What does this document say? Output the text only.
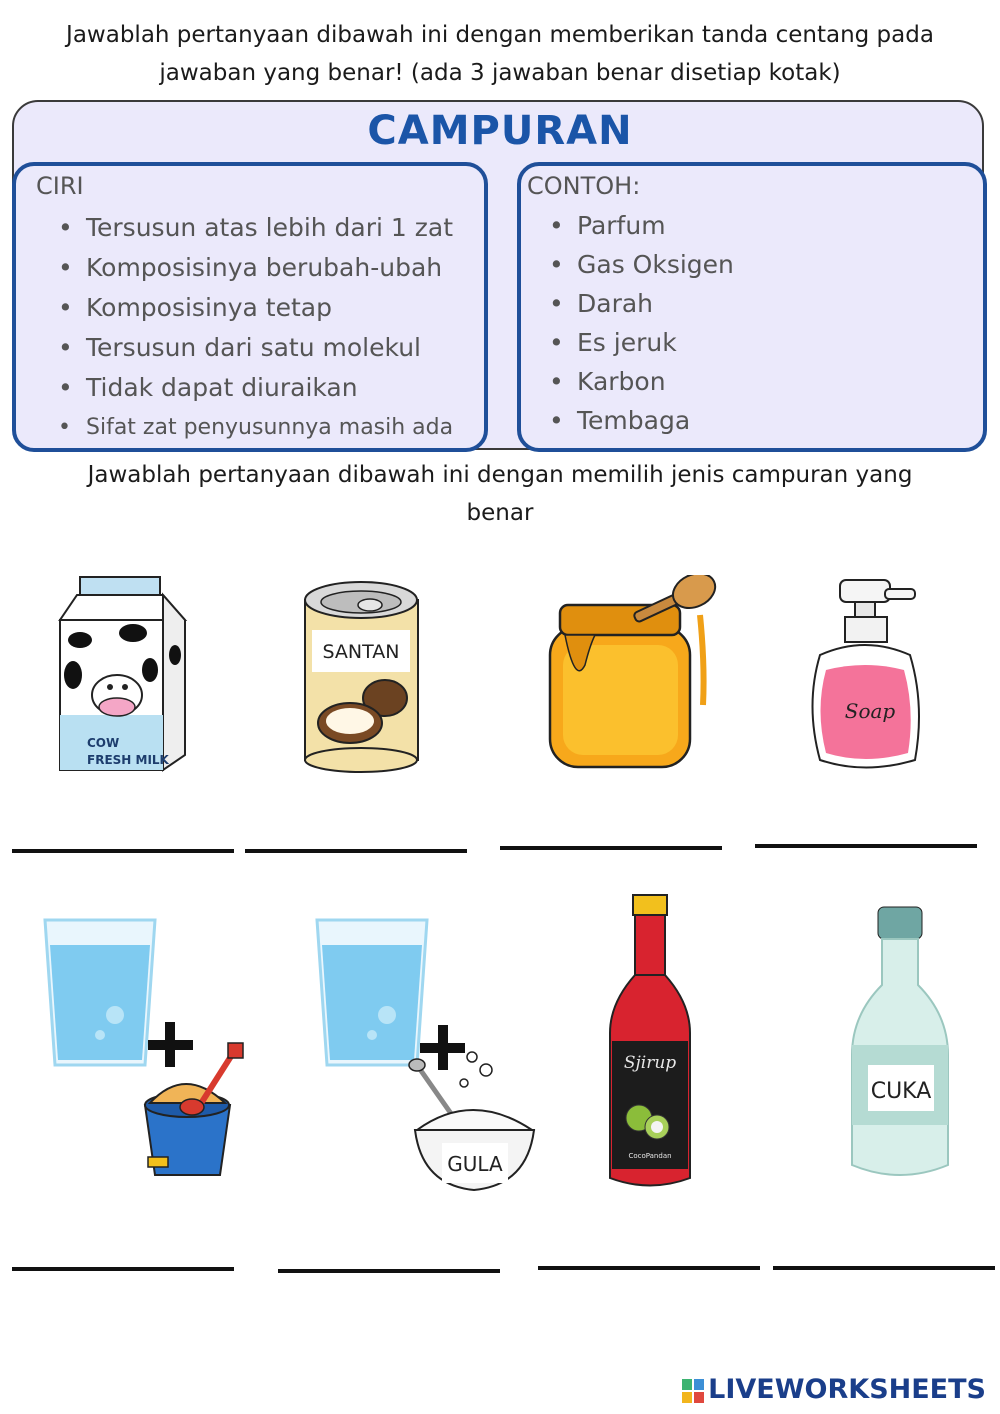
Jawablah pertanyaan dibawah ini dengan memberikan tanda centang pada
jawaban yang benar! (ada 3 jawaban benar disetiap kotak)
CAMPURAN
CIRI
• Tersusun atas lebih dari 1 zat
• Komposisinya berubah-ubah
• Komposisinya tetap
• Tersusun dari satu molekul
• Tidak dapat diuraikan
• Sifat zat penyusunnya masih ada
CONTOH:
• Parfum
• Gas Oksigen
• Darah
• Es jeruk
• Karbon
• Tembaga
Jawablah pertanyaan dibawah ini dengan memilih jenis campuran yang
benar
COW
FRESH MILK
SANTAN
Soap
GULA
Sjirup
CocoPandan
CUKA
LIVEWORKSHEETS
